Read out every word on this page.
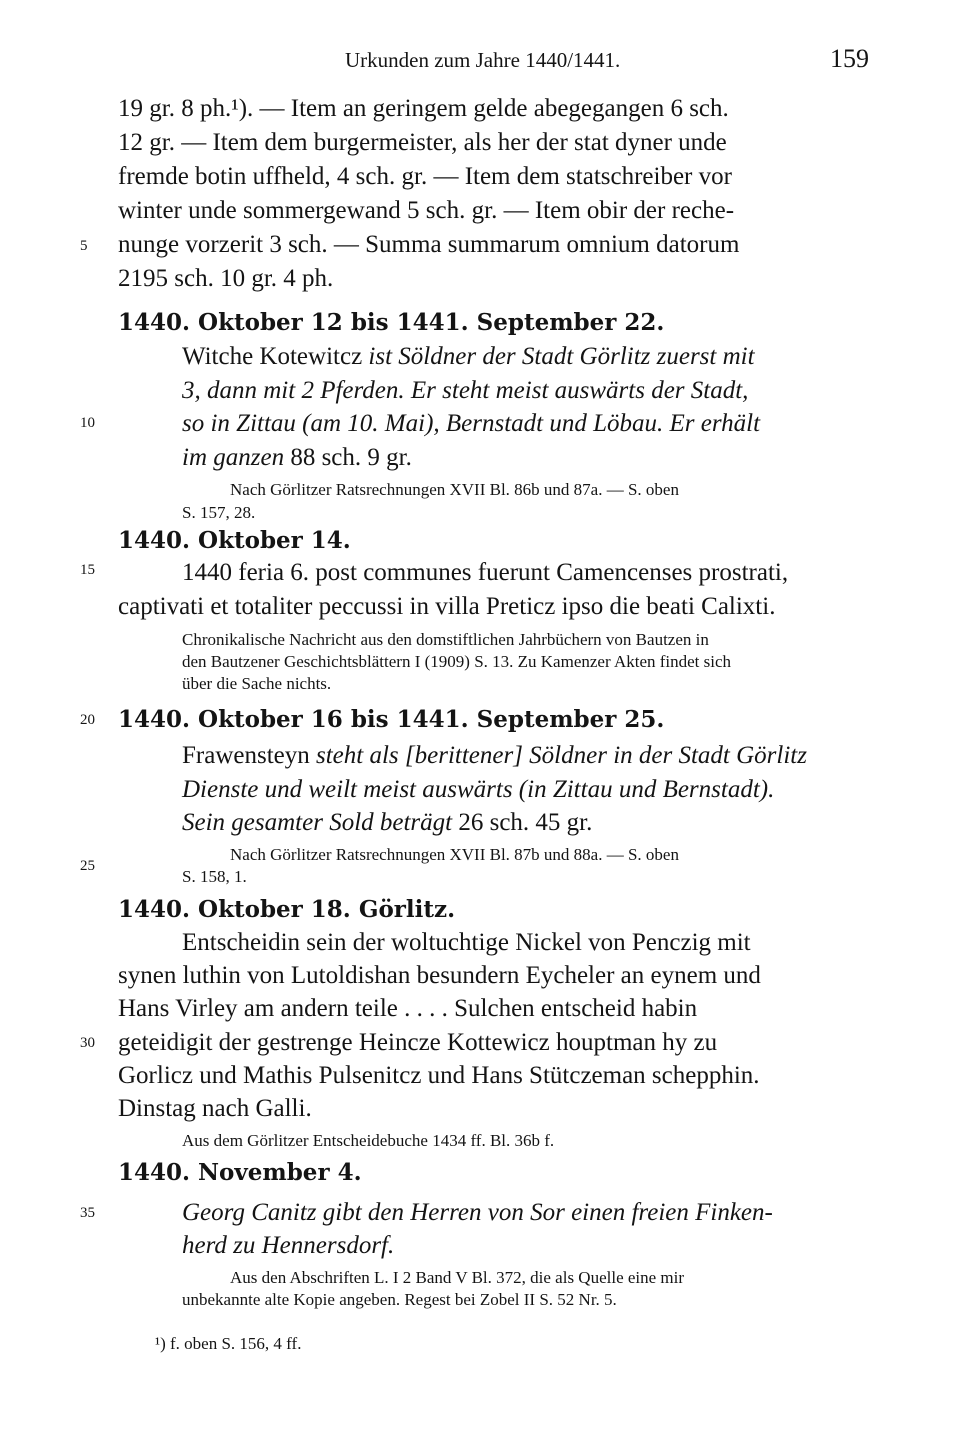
Urkunden zum Jahre 1440/1441.	159
5
10
15
20
25
30
35
19 gr. 8 ph.¹). — Item an geringem gelde abegegangen 6 sch.
12 gr. — Item dem burgermeister, als her der stat dyner unde
fremde botin uffheld, 4 sch. gr. — Item dem statschreiber vor
winter unde sommergewand 5 sch. gr. — Item obir der reche-
nunge vorzerit 3 sch. — Summa summarum omnium datorum
2195 sch. 10 gr. 4 ph.
1440. Oktober 12 bis 1441. September 22.
Witche Kotewitcz ist Söldner der Stadt Görlitz zuerst mit
3, dann mit 2 Pferden. Er steht meist auswärts der Stadt,
so in Zittau (am 10. Mai), Bernstadt und Löbau. Er erhält
im ganzen 88 sch. 9 gr.
Nach Görlitzer Ratsrechnungen XVII Bl. 86b und 87a. — S. oben
S. 157, 28.
1440. Oktober 14.
1440 feria 6. post communes fuerunt Camencenses prostrati,
captivati et totaliter peccussi in villa Preticz ipso die beati Calixti.
Chronikalische Nachricht aus den domstiftlichen Jahrbüchern von Bautzen in
den Bautzener Geschichtsblättern I (1909) S. 13. Zu Kamenzer Akten findet sich
über die Sache nichts.
1440. Oktober 16 bis 1441. September 25.
Frawensteyn steht als [berittener] Söldner in der Stadt Görlitz
Dienste und weilt meist auswärts (in Zittau und Bernstadt).
Sein gesamter Sold beträgt 26 sch. 45 gr.
Nach Görlitzer Ratsrechnungen XVII Bl. 87b und 88a. — S. oben
S. 158, 1.
1440. Oktober 18. Görlitz.
Entscheidin sein der woltuchtige Nickel von Penczig mit
synen luthin von Lutoldishan besundern Eycheler an eynem und
Hans Virley am andern teile . . . . Sulchen entscheid habin
geteidigit der gestrenge Heincze Kottewicz houptman hy zu
Gorlicz und Mathis Pulsenitcz und Hans Stütczeman schepphin.
Dinstag nach Galli.
Aus dem Görlitzer Entscheidebuche 1434 ff. Bl. 36b f.
1440. November 4.
Georg Canitz gibt den Herren von Sor einen freien Finken-
herd zu Hennersdorf.
Aus den Abschriften L. I 2 Band V Bl. 372, die als Quelle eine mir
unbekannte alte Kopie angeben. Regest bei Zobel II S. 52 Nr. 5.
¹) f. oben S. 156, 4 ff.
